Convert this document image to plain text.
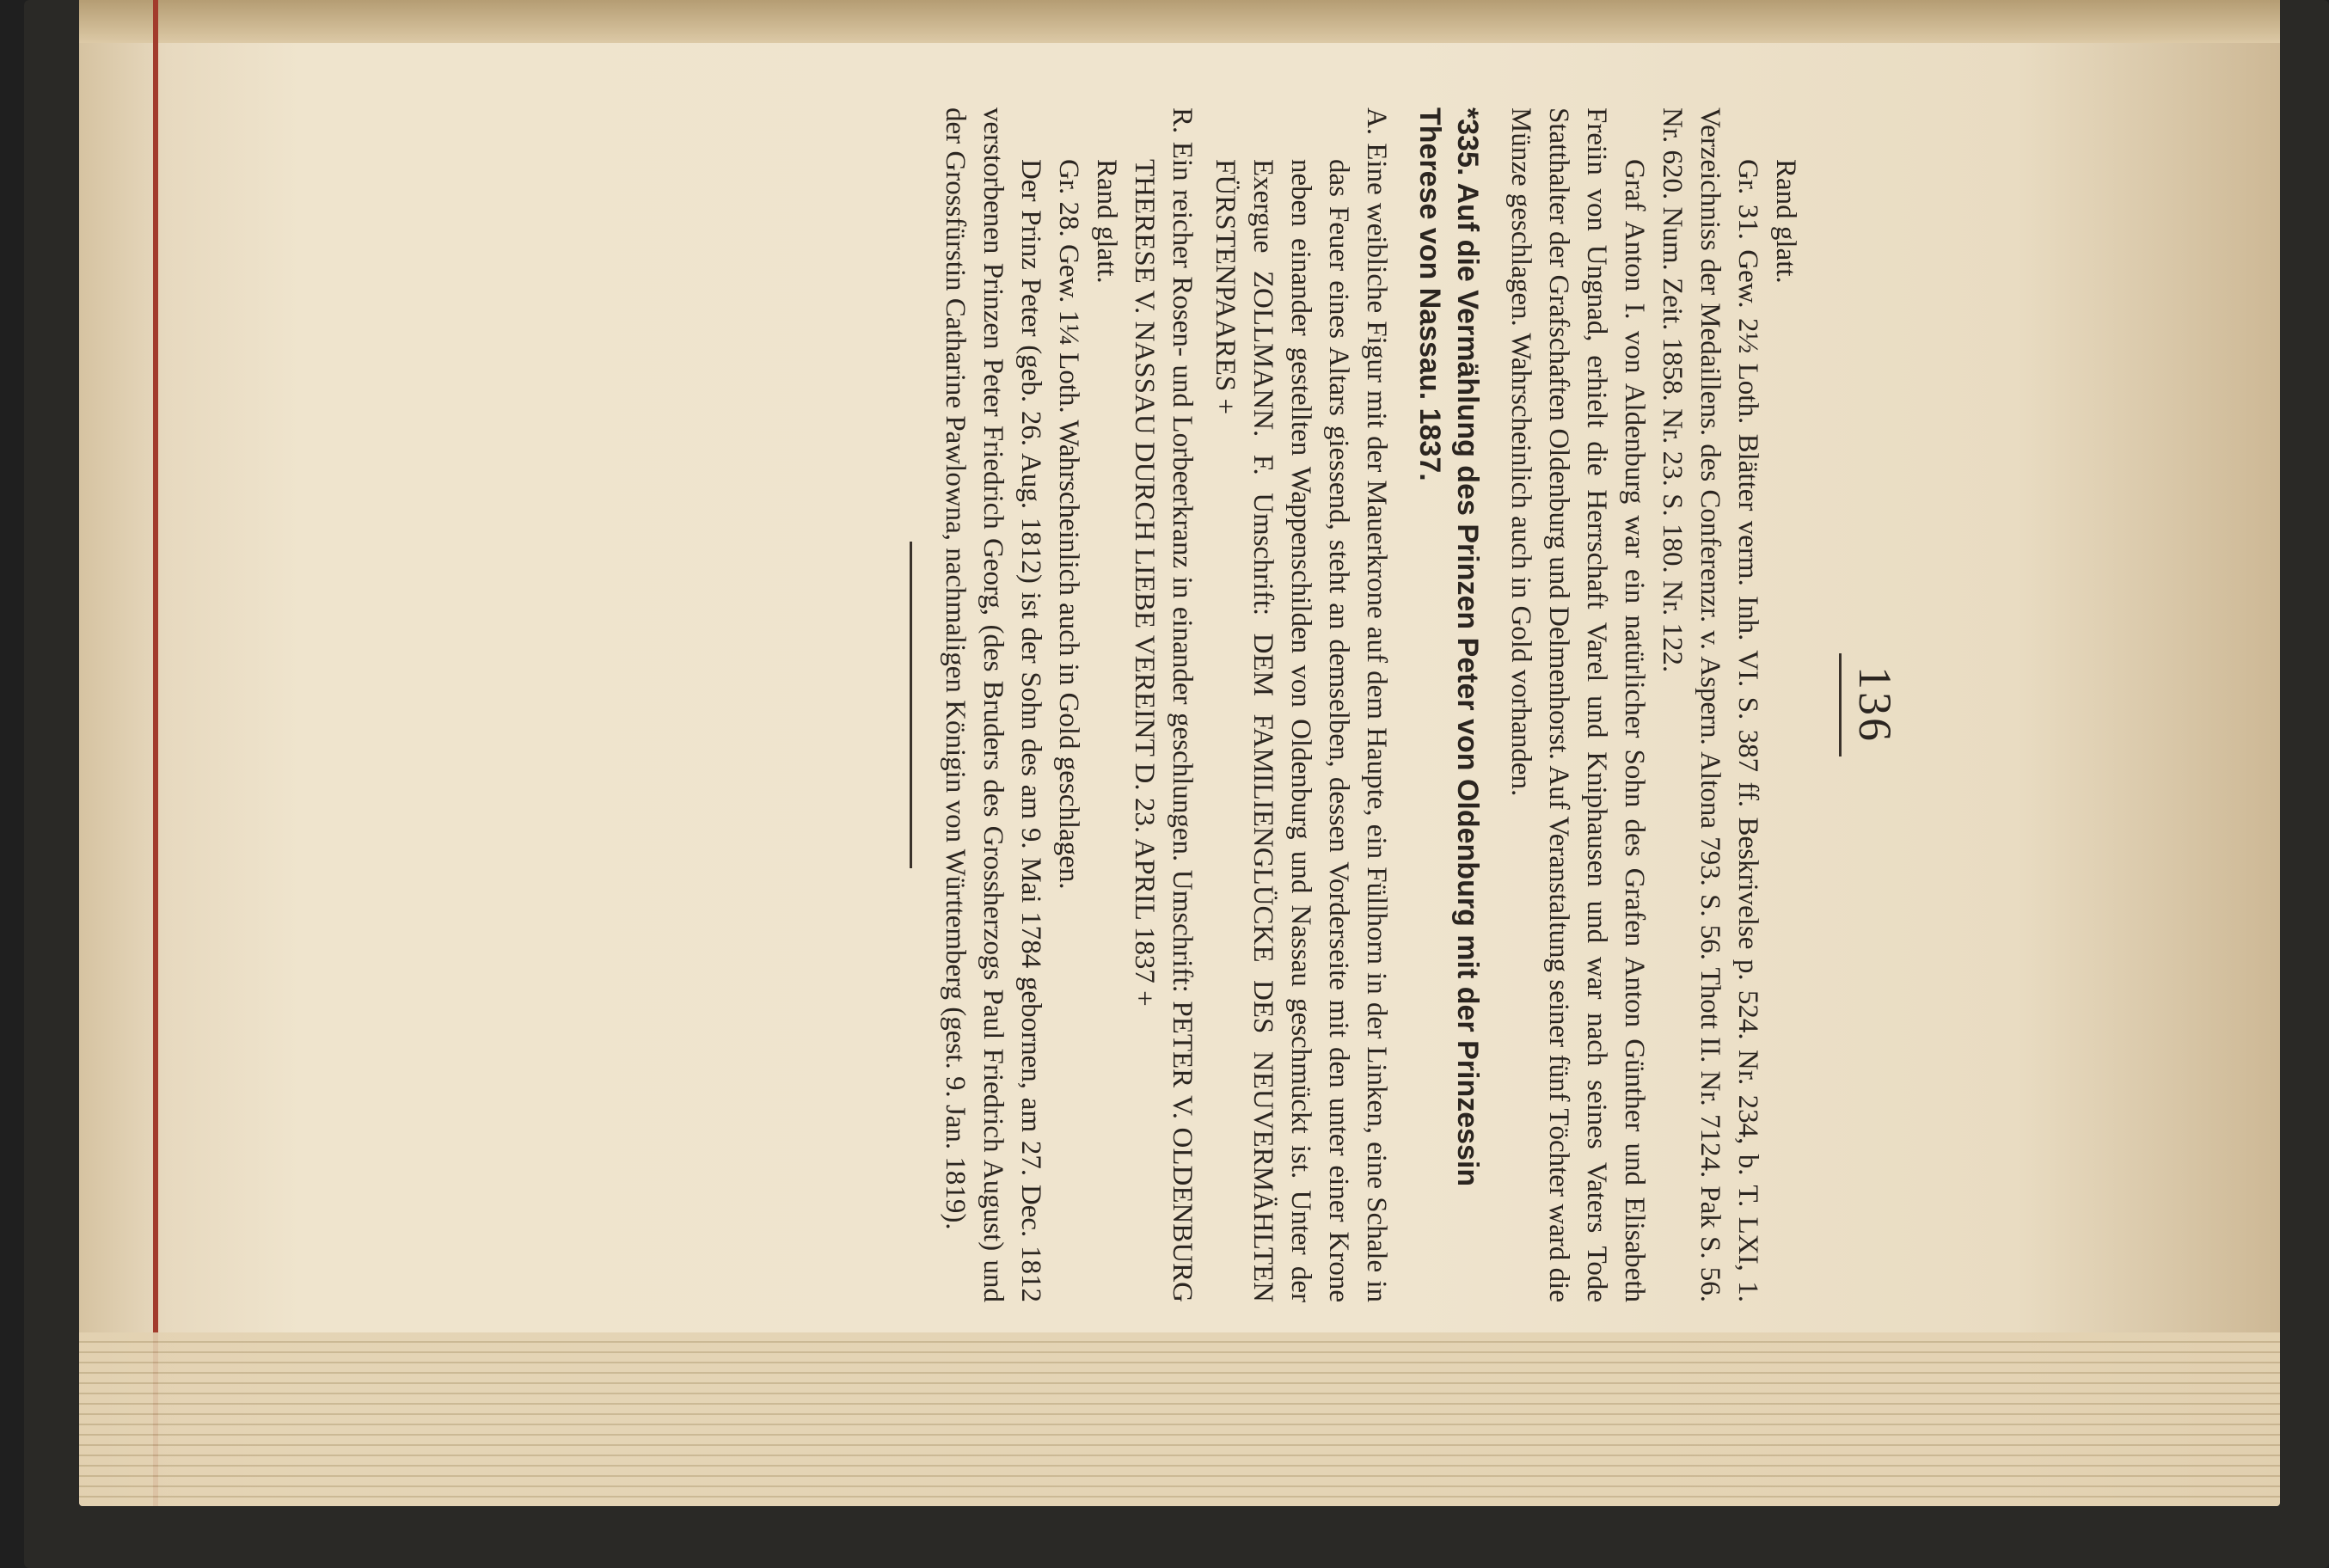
136

Rand glatt.

Gr. 31. Gew. 2½ Loth. Blätter verm. Inh. VI. S. 387 ff. Beskrivelse p. 524. Nr. 234, b. T. LXI, 1. Verzeichniss der Medaillens. des Conferenzr. v. Aspern. Altona 793. S. 56. Thott II. Nr. 7124. Pak S. 56. Nr. 620. Num. Zeit. 1858. Nr. 23. S. 180. Nr. 122.

Graf Anton I. von Aldenburg war ein natürlicher Sohn des Grafen Anton Günther und Elisabeth Freiin von Ungnad, erhielt die Herrschaft Varel und Kniphausen und war nach seines Vaters Tode Statthalter der Grafschaften Oldenburg und Delmenhorst. Auf Veranstaltung seiner fünf Töchter ward die Münze geschlagen. Wahrscheinlich auch in Gold vorhanden.

*335. Auf die Vermählung des Prinzen Peter von Oldenburg mit der Prinzessin Therese von Nassau. 1837.
A. Eine weibliche Figur mit der Mauerkrone auf dem Haupte, ein Füllhorn in der Linken, eine Schale in das Feuer eines Altars giessend, steht an demselben, dessen Vorderseite mit den unter einer Krone neben einander gestellten Wappenschilden von Oldenburg und Nassau geschmückt ist. Unter der Exergue ZOLLMANN. F. Umschrift: DEM FAMILIENGLÜCKE DES NEUVERMÄHLTEN FÜRSTENPAARES +
R. Ein reicher Rosen- und Lorbeerkranz in einander geschlungen. Umschrift: PETER V. OLDENBURG THERESE V. NASSAU DURCH LIEBE VEREINT D. 23. APRIL 1837 +

Rand glatt.

Gr. 28. Gew. 1¼ Loth. Wahrscheinlich auch in Gold geschlagen.

Der Prinz Peter (geb. 26. Aug. 1812) ist der Sohn des am 9. Mai 1784 gebornen, am 27. Dec. 1812 verstorbenen Prinzen Peter Friedrich Georg, (des Bruders des Grossherzogs Paul Friedrich August) und der Grossfürstin Catharine Pawlowna, nachmaligen Königin von Württemberg (gest. 9. Jan. 1819).
